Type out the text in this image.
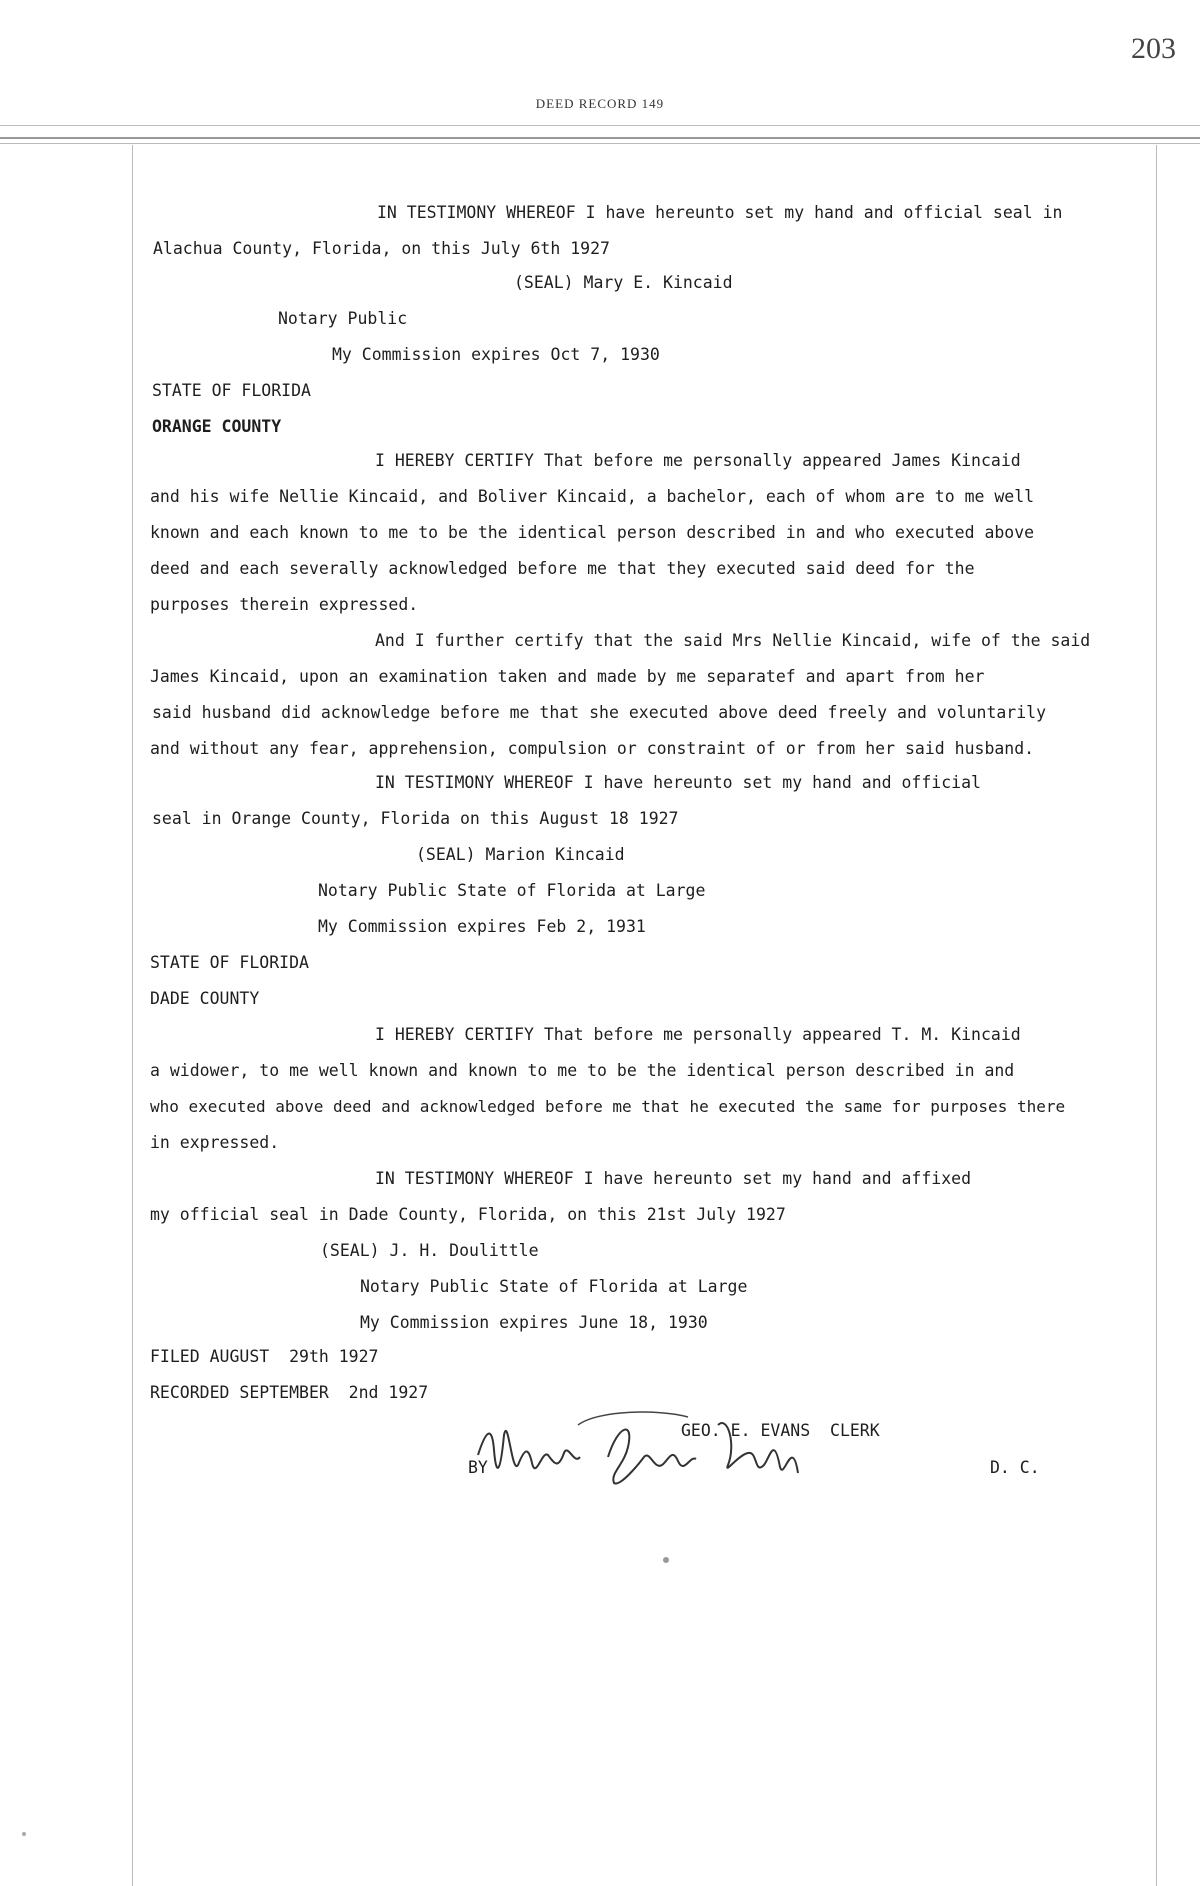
203
DEED RECORD 149
IN TESTIMONY WHEREOF I have hereunto set my hand and official seal in
Alachua County, Florida, on this July 6th 1927
(SEAL) Mary E. Kincaid
Notary Public
My Commission expires Oct 7, 1930
STATE OF FLORIDA
ORANGE COUNTY
I HEREBY CERTIFY That before me personally appeared James Kincaid
and his wife Nellie Kincaid, and Boliver Kincaid, a bachelor, each of whom are to me well
known and each known to me to be the identical person described in and who executed above
deed and each severally acknowledged before me that they executed said deed for the
purposes therein expressed.
And I further certify that the said Mrs Nellie Kincaid, wife of the said
James Kincaid, upon an examination taken and made by me separatef and apart from her
said husband did acknowledge before me that she executed above deed freely and voluntarily
and without any fear, apprehension, compulsion or constraint of or from her said husband.
IN TESTIMONY WHEREOF I have hereunto set my hand and official
seal in Orange County, Florida on this August 18 1927
(SEAL) Marion Kincaid
Notary Public State of Florida at Large
My Commission expires Feb 2, 1931
STATE OF FLORIDA
DADE COUNTY
I HEREBY CERTIFY That before me personally appeared T. M. Kincaid
a widower, to me well known and known to me to be the identical person described in and
who executed above deed and acknowledged before me that he executed the same for purposes there
in expressed.
IN TESTIMONY WHEREOF I have hereunto set my hand and affixed
my official seal in Dade County, Florida, on this 21st July 1927
(SEAL) J. H. Doulittle
Notary Public State of Florida at Large
My Commission expires June 18, 1930
FILED AUGUST  29th 1927
RECORDED SEPTEMBER  2nd 1927
GEO. E. EVANS  CLERK
BY	D. C.
